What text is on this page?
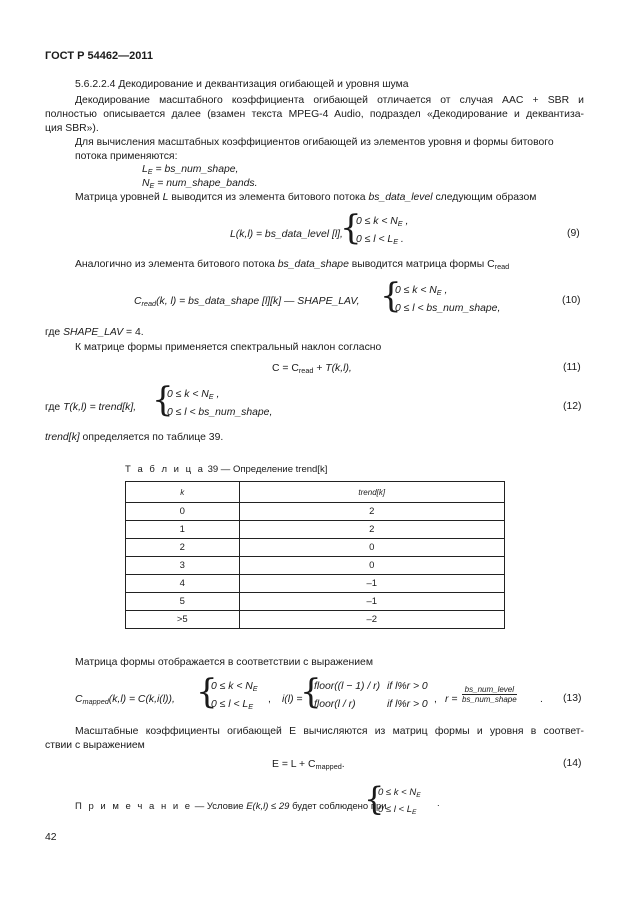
ГОСТ Р 54462—2011
5.6.2.2.4 Декодирование и деквантизация огибающей и уровня шума
Декодирование масштабного коэффициента огибающей отличается от случая AAC + SBR и
полностью описывается далее (взамен текста MPEG-4 Audio, подраздел «Декодирование и деквантиза-
ция SBR»).
Для вычисления масштабных коэффициентов огибающей из элементов уровня и формы битового
потока применяются:
$L_E$ = bs_num_shape,
$N_E$ = num_shape_bands.
Матрица уровней L выводится из элемента битового потока bs_data_level следующим образом
L(k,l) = bs_data_level [l],
{
$0 \le k < N_E$ ,
$0 \le l < L_E$ .
(9)
Аналогично из элемента битового потока bs_data_shape выводится матрица формы $C_{read}$
$C_{read}(k$, l) = bs_data_shape [l][k] — SHAPE_LAV, {
$0 \le k < N_E$ ,
0 ≤ l < bs_num_shape,
(10)
где SHAPE_LAV = 4.
К матрице формы применяется спектральный наклон согласно
$C = C_{read} + T(k,l)$,	(11)
где T(k,l) = trend[k], {
$0 \le k < N_E$ ,
0 ≤ l < bs_num_shape,
(12)
trend[k] определяется по таблице 39.
Т а б л и ц а 39 — Определение trend[k]
k	trend[k]
0	2
1	2
2	0
3	0
4	–1
5	–1
>5	–2
Матрица формы отображается в соответствии с выражением
$C_{mapped}(k,l) = C(k,i(l))$, {
$0 \le k < N_E$
$0 \le l < L_E$
, i(l) =
{
floor((l − 1) / r) if l%r > 0
floor(l / r)	if l%r > 0 , $r = \frac{\text{bs\_num\_level}}{\text{bs\_num\_shape}}$ . (13)
Масштабные коэффициенты огибающей E вычисляются из матриц формы и уровня в соответ-
ствии с выражением
$E = L + C_{mapped}$.	(14)
П р и м е ч а н и е — Условие E(k,l) ≤ 29 будет соблюдено при
{
$0 \le k < N_E$
$0 \le l < L_E$
.
42
